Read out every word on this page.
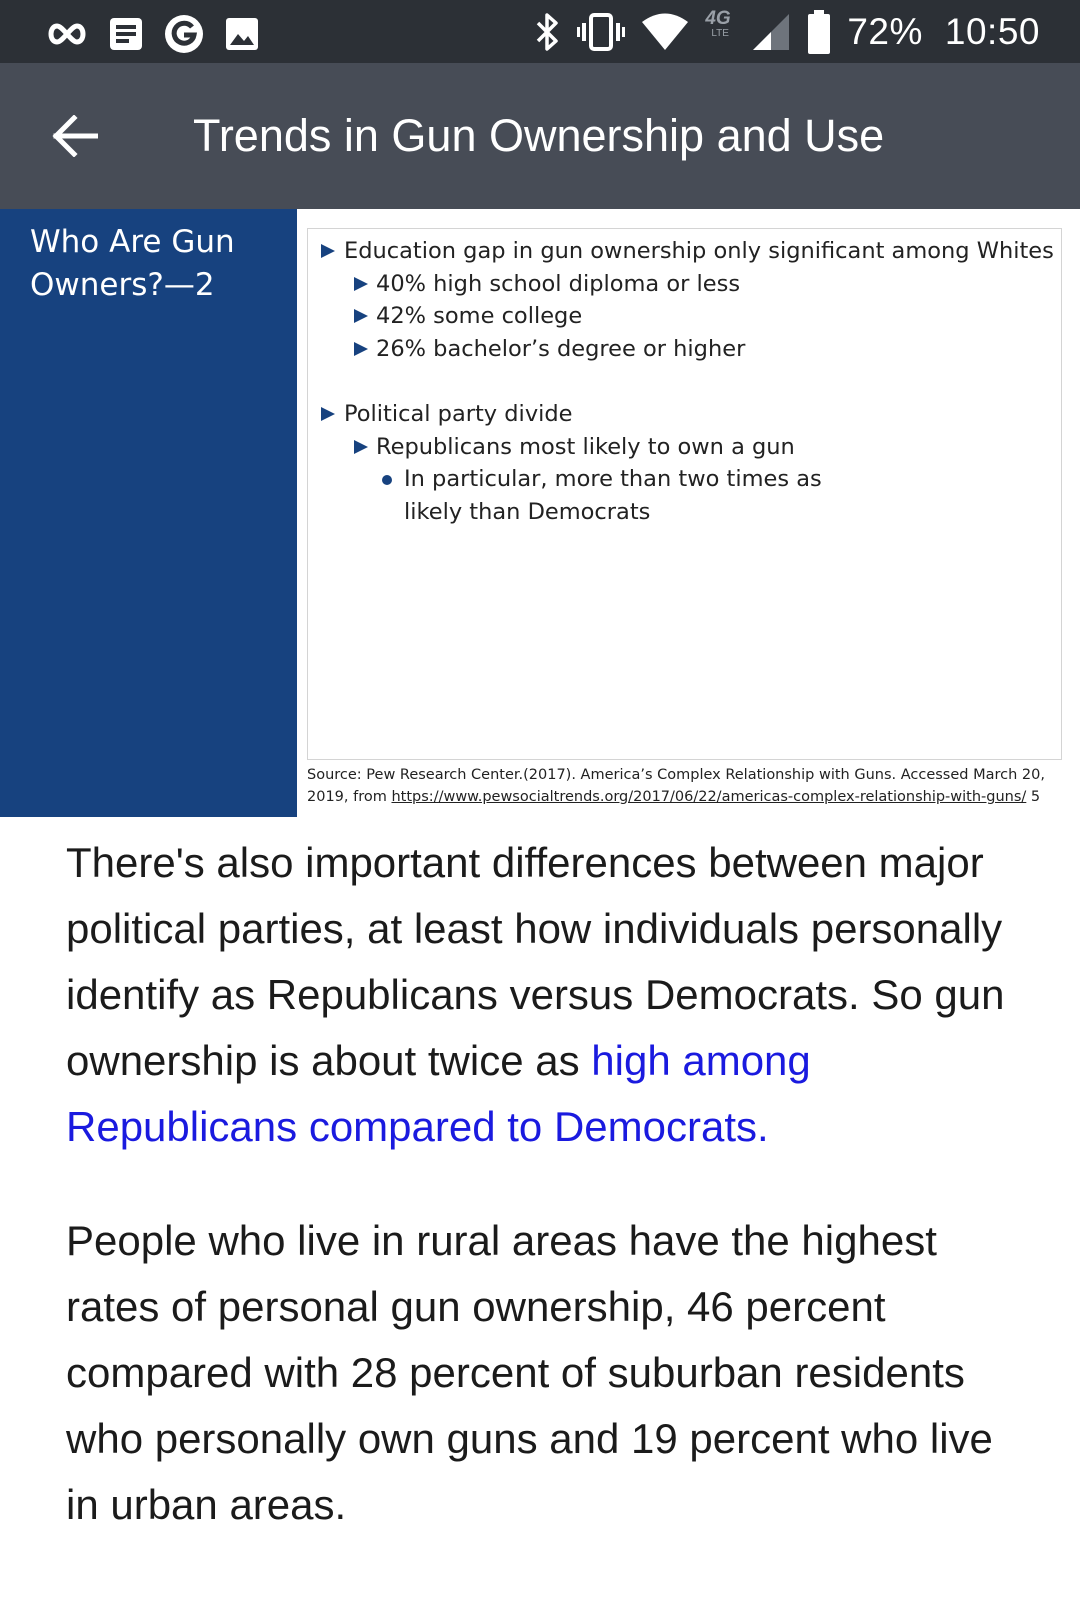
4G
LTE	72% 10:50
Trends in Gun Ownership and Use
Who Are Gun Owners?—2
Education gap in gun ownership only significant among Whites
40% high school diploma or less
42% some college
26% bachelor’s degree or higher
Political party divide
Republicans most likely to own a gun
In particular, more than two times as likely than Democrats
Source: Pew Research Center.(2017). America’s Complex Relationship with Guns. Accessed March 20, 2019, from https://www.pewsocialtrends.org/2017/06/22/americas-complex-relationship-with-guns/ 5

There's also important differences between major political parties, at least how individuals personally identify as Republicans versus Democrats. So gun ownership is about twice as high among Republicans compared to Democrats.

People who live in rural areas have the highest rates of personal gun ownership, 46 percent compared with 28 percent of suburban residents who personally own guns and 19 percent who live in urban areas.
